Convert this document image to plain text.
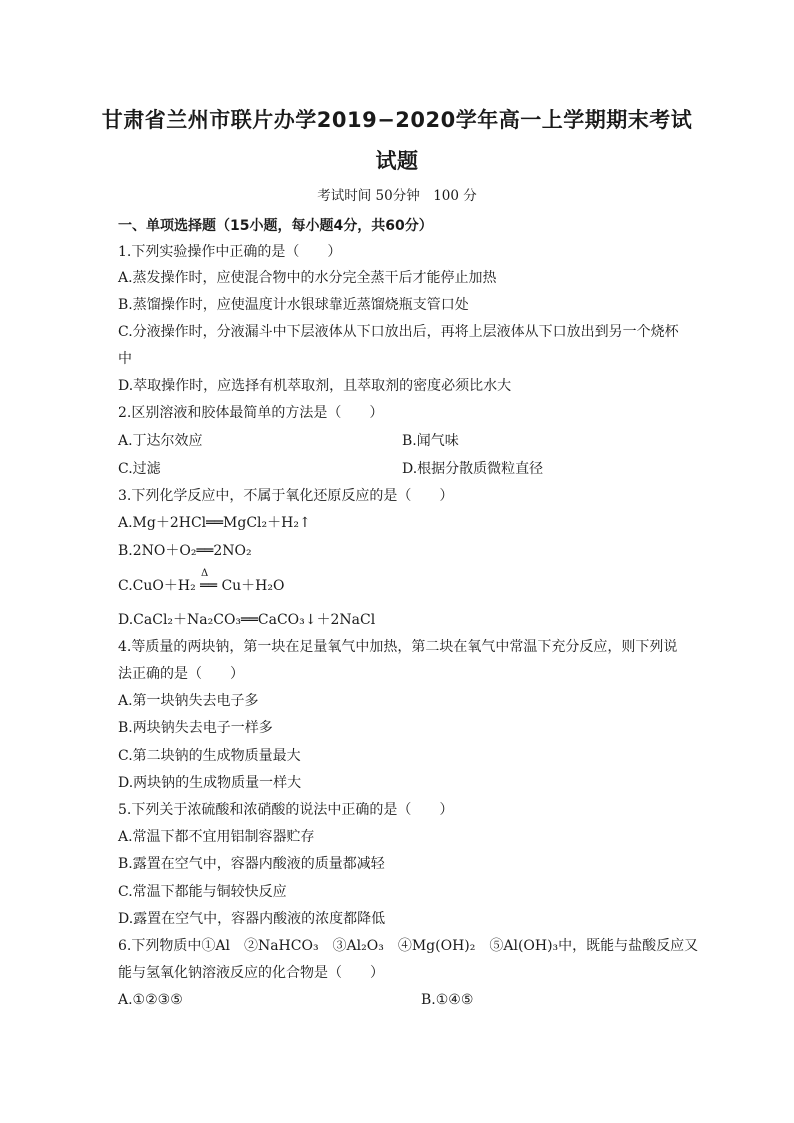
甘肃省兰州市联片办学2019−2020学年高一上学期期末考试
试题
考试时间 50分钟　100 分
一、单项选择题（15小题，每小题4分，共60分）
1.下列实验操作中正确的是（　　）
A.蒸发操作时，应使混合物中的水分完全蒸干后才能停止加热
B.蒸馏操作时，应使温度计水银球靠近蒸馏烧瓶支管口处
C.分液操作时，分液漏斗中下层液体从下口放出后，再将上层液体从下口放出到另一个烧杯
中
D.萃取操作时，应选择有机萃取剂，且萃取剂的密度必须比水大
2.区别溶液和胶体最简单的方法是（　　）
A.丁达尔效应	B.闻气味
C.过滤	D.根据分散质微粒直径
3.下列化学反应中，不属于氧化还原反应的是（　　）
A.Mg＋2HCl══MgCl₂＋H₂↑
B.2NO＋O₂══2NO₂
C.CuO＋H₂ ══ Cu＋H₂O
Δ
D.CaCl₂＋Na₂CO₃══CaCO₃↓＋2NaCl
4.等质量的两块钠，第一块在足量氧气中加热，第二块在氧气中常温下充分反应，则下列说
法正确的是（　　）
A.第一块钠失去电子多
B.两块钠失去电子一样多
C.第二块钠的生成物质量最大
D.两块钠的生成物质量一样大
5.下列关于浓硫酸和浓硝酸的说法中正确的是（　　）
A.常温下都不宜用铝制容器贮存
B.露置在空气中，容器内酸液的质量都减轻
C.常温下都能与铜较快反应
D.露置在空气中，容器内酸液的浓度都降低
6.下列物质中①Al　②NaHCO₃　③Al₂O₃　④Mg(OH)₂　⑤Al(OH)₃中，既能与盐酸反应又
能与氢氧化钠溶液反应的化合物是（　　）
A.①②③⑤	B.①④⑤
